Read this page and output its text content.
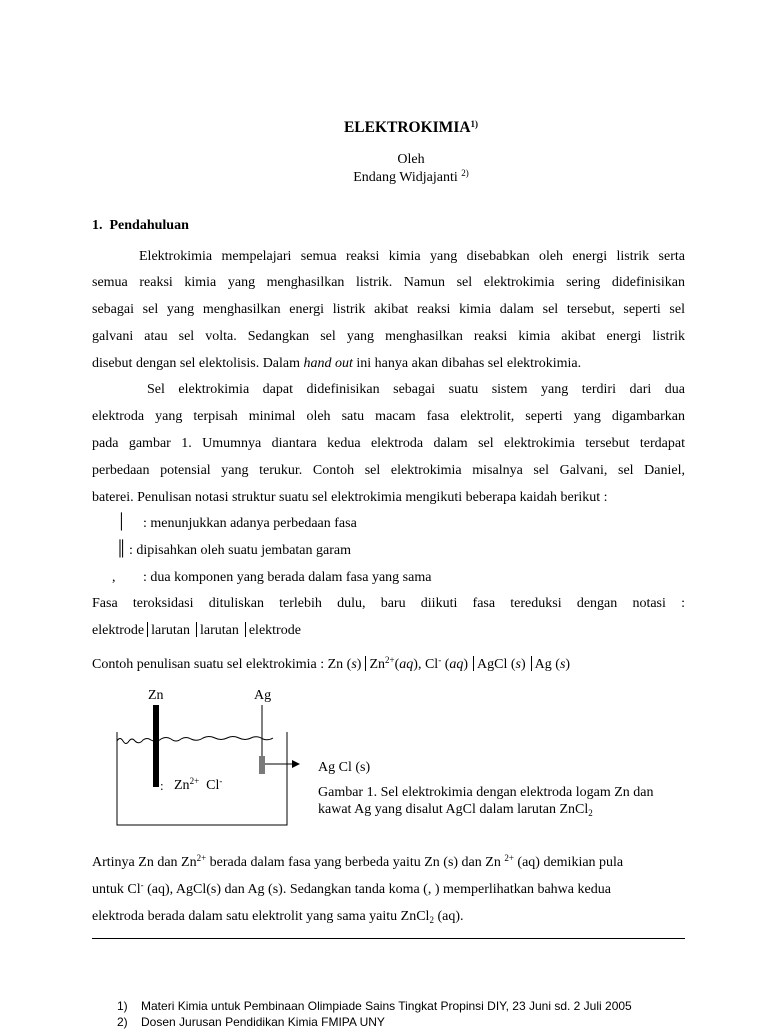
ELEKTROKIMIA$^{1)}$
Oleh
Endang Widjajanti $^{2)}$
1. Pendahuluan
Elektrokimia mempelajari semua reaksi kimia yang disebabkan oleh energi listrik serta
semua reaksi kimia yang menghasilkan listrik. Namun sel elektrokimia sering didefinisikan
sebagai sel yang menghasilkan energi listrik akibat reaksi kimia dalam sel tersebut, seperti sel
galvani atau sel volta. Sedangkan sel yang menghasilkan reaksi kimia akibat energi listrik
disebut dengan sel elektolisis. Dalam hand out ini hanya akan dibahas sel elektrokimia.
Sel elektrokimia dapat didefinisikan sebagai suatu sistem yang terdiri dari dua
elektroda yang terpisah minimal oleh satu macam fasa elektrolit, seperti yang digambarkan
pada gambar 1. Umumnya diantara kedua elektroda dalam sel elektrokimia tersebut terdapat
perbedaan potensial yang terukur. Contoh sel elektrokimia misalnya sel Galvani, sel Daniel,
baterei. Penulisan notasi struktur suatu sel elektrokimia mengikuti beberapa kaidah berikut :
│ : menunjukkan adanya perbedaan fasa
║ : dipisahkan oleh suatu jembatan garam
, : dua komponen yang berada dalam fasa yang sama
Fasa teroksidasi dituliskan terlebih dulu, baru diikuti fasa tereduksi dengan notasi :
elektrode larutan larutan elektrode
Contoh penulisan suatu sel elektrokimia : Zn (s) $Zn^{2+}(aq)$, Cl- (aq) AgCl (s) Ag (s)
Zn	Ag
: $Zn^{2+}$ Cl-
Ag Cl (s)
Gambar 1. Sel elektrokimia dengan elektroda logam Zn dan
kawat Ag yang disalut AgCl dalam larutan ZnCl$_2$
Artinya Zn dan $Zn^{2+}$ berada dalam fasa yang berbeda yaitu Zn (s) dan Zn $^{2+}$ (aq) demikian pula
untuk Cl- (aq), AgCl(s) dan Ag (s). Sedangkan tanda koma (, ) memperlihatkan bahwa kedua
elektroda berada dalam satu elektrolit yang sama yaitu ZnCl$_2$ (aq).
1) Materi Kimia untuk Pembinaan Olimpiade Sains Tingkat Propinsi DIY, 23 Juni sd. 2 Juli 2005
2) Dosen Jurusan Pendidikan Kimia FMIPA UNY
